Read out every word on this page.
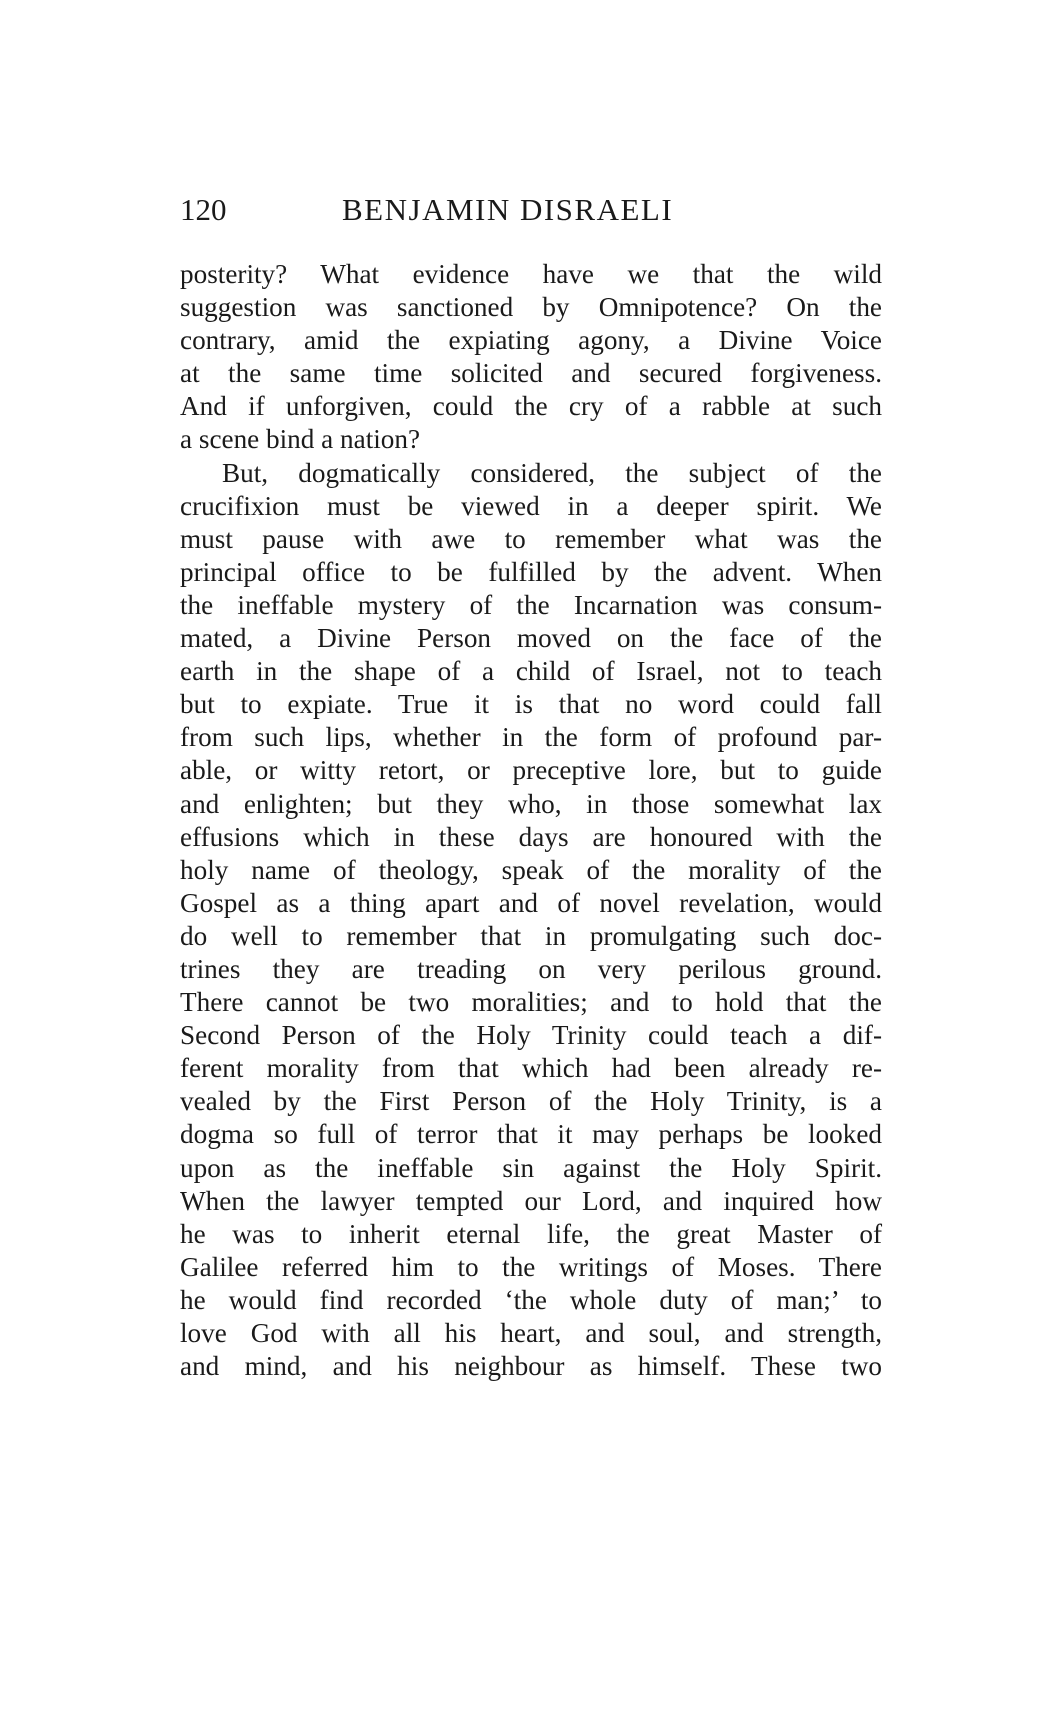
120	BENJAMIN DISRAELI
posterity? What evidence have we that the wild
suggestion was sanctioned by Omnipotence? On the
contrary, amid the expiating agony, a Divine Voice
at the same time solicited and secured forgiveness.
And if unforgiven, could the cry of a rabble at such
a scene bind a nation?
But, dogmatically considered, the subject of the
crucifixion must be viewed in a deeper spirit. We
must pause with awe to remember what was the
principal office to be fulfilled by the advent. When
the ineffable mystery of the Incarnation was consum-
mated, a Divine Person moved on the face of the
earth in the shape of a child of Israel, not to teach
but to expiate. True it is that no word could fall
from such lips, whether in the form of profound par-
able, or witty retort, or preceptive lore, but to guide
and enlighten; but they who, in those somewhat lax
effusions which in these days are honoured with the
holy name of theology, speak of the morality of the
Gospel as a thing apart and of novel revelation, would
do well to remember that in promulgating such doc-
trines they are treading on very perilous ground.
There cannot be two moralities; and to hold that the
Second Person of the Holy Trinity could teach a dif-
ferent morality from that which had been already re-
vealed by the First Person of the Holy Trinity, is a
dogma so full of terror that it may perhaps be looked
upon as the ineffable sin against the Holy Spirit.
When the lawyer tempted our Lord, and inquired how
he was to inherit eternal life, the great Master of
Galilee referred him to the writings of Moses. There
he would find recorded ‘the whole duty of man;’ to
love God with all his heart, and soul, and strength,
and mind, and his neighbour as himself. These two
